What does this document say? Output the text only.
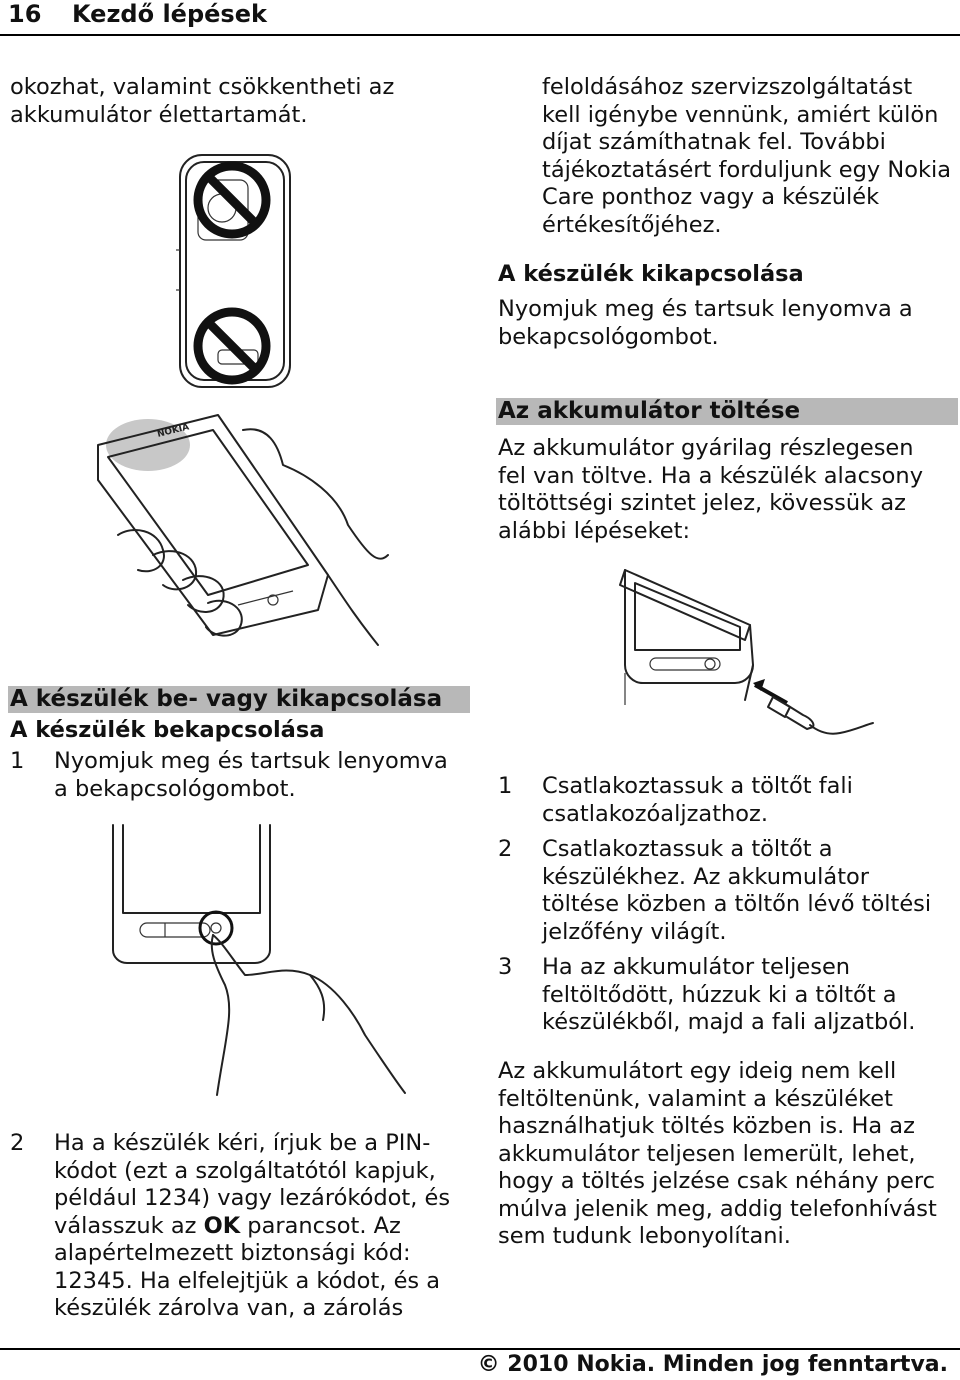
16 Kezdő lépések
okozhat, valamint csökkentheti az akkumulátor élettartamát.
NOKIA
A készülék be- vagy kikapcsolása
A készülék bekapcsolása
1	Nyomjuk meg és tartsuk lenyomva a bekapcsológombot.
2	Ha a készülék kéri, írjuk be a PIN-kódot (ezt a szolgáltatótól kapjuk, például 1234) vagy lezárókódot, és válasszuk az OK parancsot. Az alapértelmezett biztonsági kód: 12345. Ha elfelejtjük a kódot, és a készülék zárolva van, a zárolás
feloldásához szervizszolgáltatást kell igénybe vennünk, amiért külön díjat számíthatnak fel. További tájékoztatásért forduljunk egy Nokia Care ponthoz vagy a készülék értékesítőjéhez.
A készülék kikapcsolása
Nyomjuk meg és tartsuk lenyomva a bekapcsológombot.
Az akkumulátor töltése
Az akkumulátor gyárilag részlegesen fel van töltve. Ha a készülék alacsony töltöttségi szintet jelez, kövessük az alábbi lépéseket:
1	Csatlakoztassuk a töltőt fali csatlakozóaljzathoz.
2	Csatlakoztassuk a töltőt a készülékhez. Az akkumulátor töltése közben a töltőn lévő töltési jelzőfény világít.
3	Ha az akkumulátor teljesen feltöltődött, húzzuk ki a töltőt a készülékből, majd a fali aljzatból.
Az akkumulátort egy ideig nem kell feltöltenünk, valamint a készüléket használhatjuk töltés közben is. Ha az akkumulátor teljesen lemerült, lehet, hogy a töltés jelzése csak néhány perc múlva jelenik meg, addig telefonhívást sem tudunk lebonyolítani.
© 2010 Nokia. Minden jog fenntartva.
